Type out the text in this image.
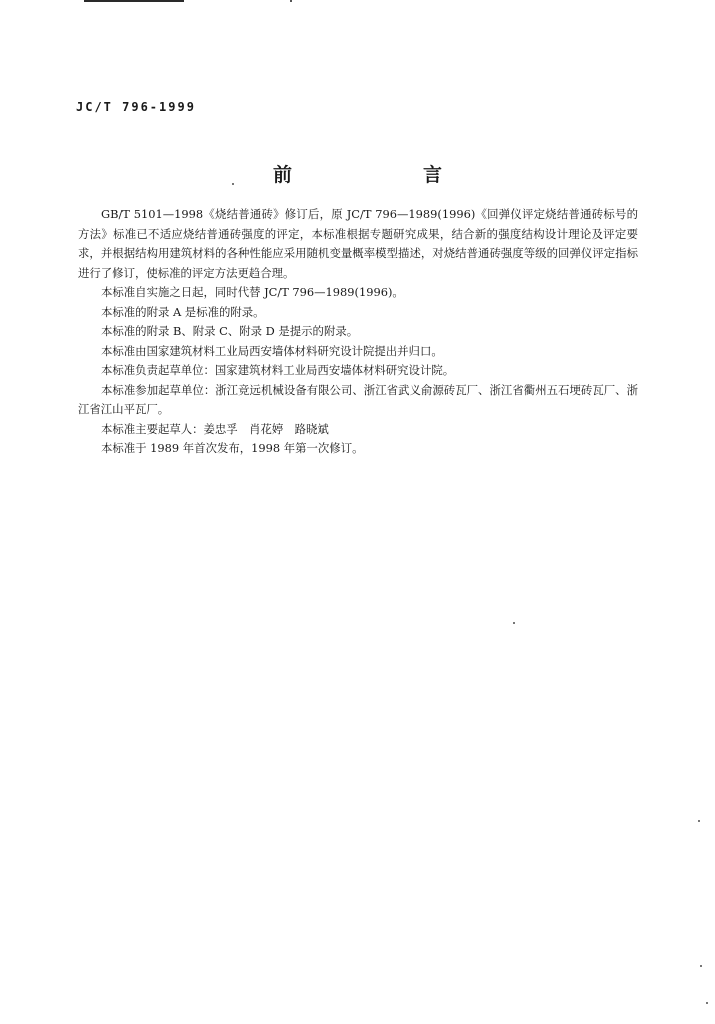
JC/T 796-1999
前　言

GB/T 5101—1998《烧结普通砖》修订后，原 JC/T 796—1989(1996)《回弹仪评定烧结普通砖标号的方法》标准已不适应烧结普通砖强度的评定，本标准根据专题研究成果，结合新的强度结构设计理论及评定要求，并根据结构用建筑材料的各种性能应采用随机变量概率模型描述，对烧结普通砖强度等级的回弹仪评定指标进行了修订，使标准的评定方法更趋合理。

本标准自实施之日起，同时代替 JC/T 796—1989(1996)。

本标准的附录 A 是标准的附录。

本标准的附录 B、附录 C、附录 D 是提示的附录。

本标准由国家建筑材料工业局西安墙体材料研究设计院提出并归口。

本标准负责起草单位：国家建筑材料工业局西安墙体材料研究设计院。

本标准参加起草单位：浙江竞远机械设备有限公司、浙江省武义俞源砖瓦厂、浙江省衢州五石埂砖瓦厂、浙江省江山平瓦厂。

本标准主要起草人：姜忠孚　肖花婷　路晓斌

本标准于 1989 年首次发布，1998 年第一次修订。
